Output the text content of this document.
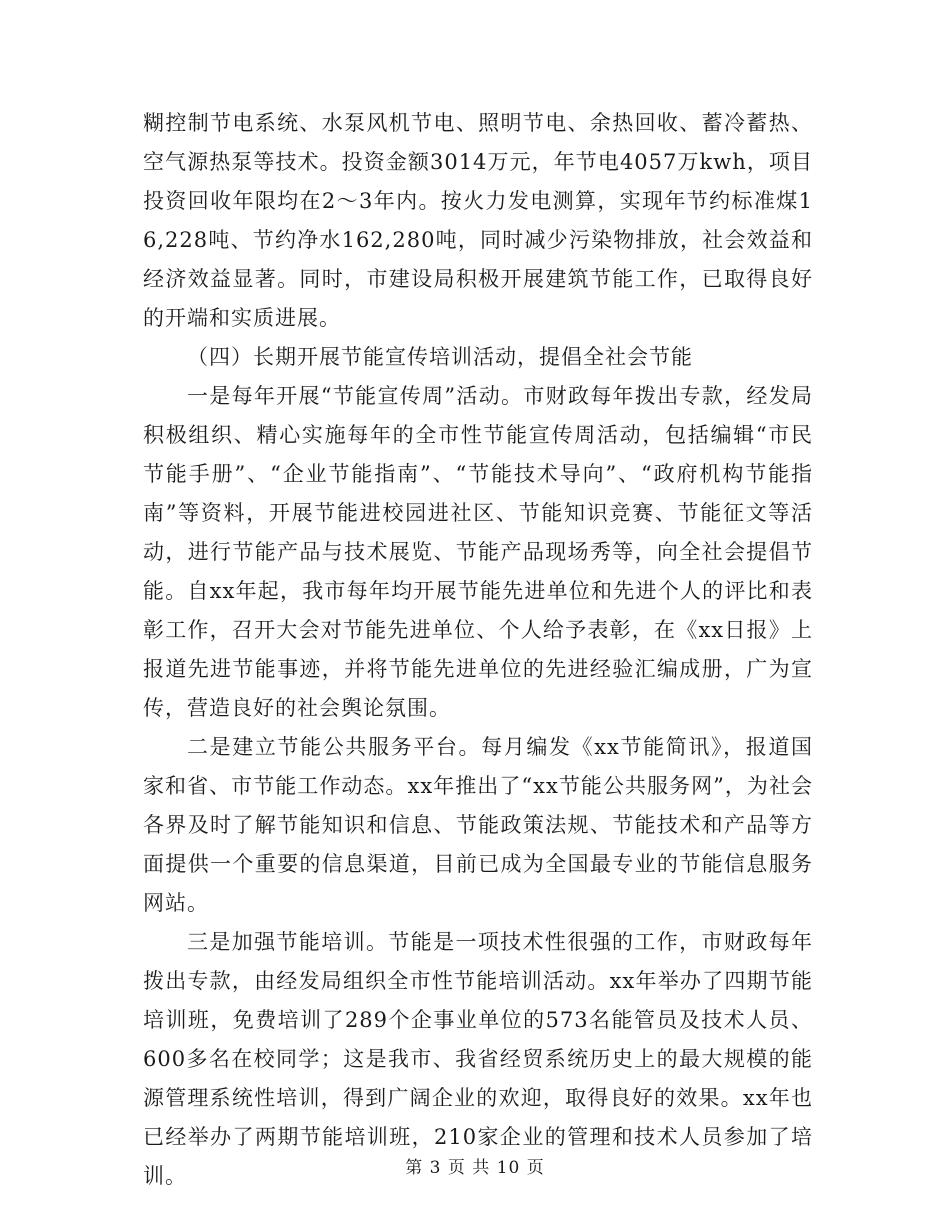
糊控制节电系统、水泵风机节电、照明节电、余热回收、蓄冷蓄热、空气源热泵等技术。投资金额3014万元，年节电4057万kwh，项目投资回收年限均在2～3年内。按火力发电测算，实现年节约标准煤16,228吨、节约净水162,280吨，同时减少污染物排放，社会效益和经济效益显著。同时，市建设局积极开展建筑节能工作，已取得良好的开端和实质进展。

（四）长期开展节能宣传培训活动，提倡全社会节能

一是每年开展“节能宣传周”活动。市财政每年拨出专款，经发局积极组织、精心实施每年的全市性节能宣传周活动，包括编辑“市民节能手册”、“企业节能指南”、“节能技术导向”、“政府机构节能指南”等资料，开展节能进校园进社区、节能知识竞赛、节能征文等活动，进行节能产品与技术展览、节能产品现场秀等，向全社会提倡节能。自xx年起，我市每年均开展节能先进单位和先进个人的评比和表彰工作，召开大会对节能先进单位、个人给予表彰，在《xx日报》上报道先进节能事迹，并将节能先进单位的先进经验汇编成册，广为宣传，营造良好的社会舆论氛围。

二是建立节能公共服务平台。每月编发《xx节能简讯》，报道国家和省、市节能工作动态。xx年推出了“xx节能公共服务网”，为社会各界及时了解节能知识和信息、节能政策法规、节能技术和产品等方面提供一个重要的信息渠道，目前已成为全国最专业的节能信息服务网站。

三是加强节能培训。节能是一项技术性很强的工作，市财政每年拨出专款，由经发局组织全市性节能培训活动。xx年举办了四期节能培训班，免费培训了289个企事业单位的573名能管员及技术人员、600多名在校同学；这是我市、我省经贸系统历史上的最大规模的能源管理系统性培训，得到广阔企业的欢迎，取得良好的效果。xx年也已经举办了两期节能培训班，210家企业的管理和技术人员参加了培训。	第 3 页 共 10 页
